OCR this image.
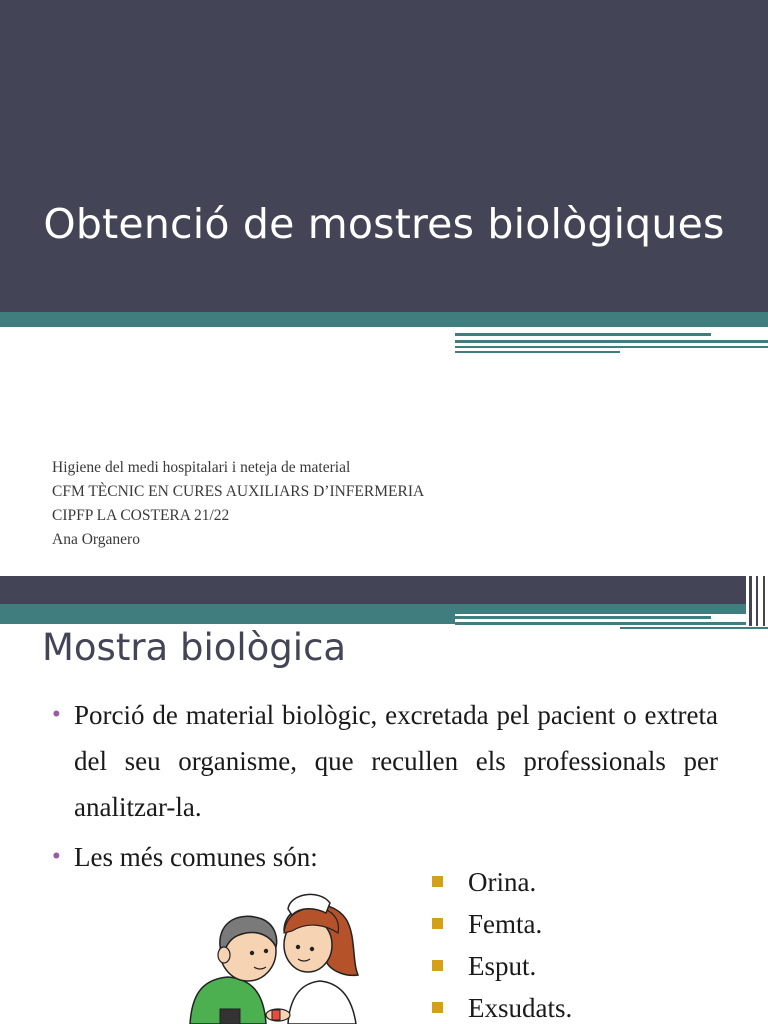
Obtenció de mostres biològiques
Higiene del medi hospitalari i neteja de material
CFM TÈCNIC EN CURES AUXILIARS D’INFERMERIA
CIPFP LA COSTERA 21/22
Ana Organero
Mostra biològica
• Porció de material biològic, excretada pel pacient o extreta del seu organisme, que recullen els professionals per analitzar-la.
• Les més comunes són:
Orina.
Femta.
Esput.
Exsudats.
